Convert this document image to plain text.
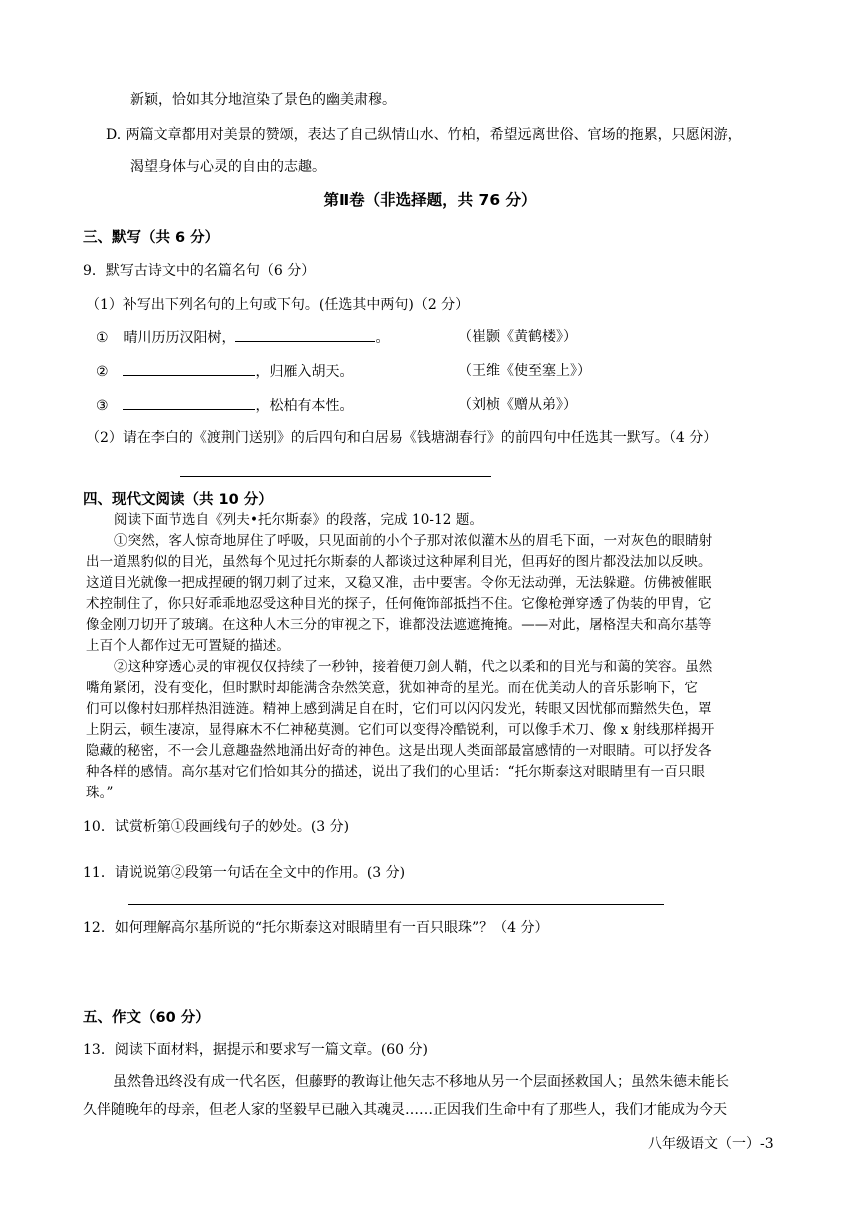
新颖，恰如其分地渲染了景色的幽美肃穆。
D. 两篇文章都用对美景的赞颂，表达了自己纵情山水、竹柏，希望远离世俗、官场的拖累，只愿闲游，
渴望身体与心灵的自由的志趣。
第Ⅱ卷（非选择题，共 76 分）
三、默写（共 6 分）
9．默写古诗文中的名篇名句（6 分）
（1）补写出下列名句的上句或下句。(任选其中两句)（2 分）
① 晴川历历汉阳树，	。	（崔颢《黄鹤楼》）
②	，归雁入胡天。	（王维《使至塞上》）
③	，松柏有本性。	（刘桢《赠从弟》）
（2）请在李白的《渡荆门送别》的后四句和白居易《钱塘湖春行》的前四句中任选其一默写。（4 分）
四、现代文阅读（共 10 分）
阅读下面节选自《列夫•托尔斯泰》的段落，完成 10-12 题。
①突然，客人惊奇地屏住了呼吸，只见面前的小个子那对浓似灌木丛的眉毛下面，一对灰色的眼睛射
出一道黑豹似的目光，虽然每个见过托尔斯泰的人都谈过这种犀利目光，但再好的图片都没法加以反映。
这道目光就像一把成捏硬的钢刀刺了过来，又稳又准，击中要害。令你无法动弹，无法躲避。仿佛被催眠
术控制住了，你只好乖乖地忍受这种目光的探子，任何俺饰部抵挡不住。它像枪弹穿透了伪装的甲胄，它
像金刚刀切开了玻璃。在这种人木三分的审视之下，谁都没法遮遮掩掩。——对此，屠格涅夫和高尔基等
上百个人都作过无可置疑的描述。
②这种穿透心灵的审视仅仅持续了一秒钟，接着便刀剑人鞘，代之以柔和的目光与和蔼的笑容。虽然
嘴角紧闭，没有变化，但时默时却能满含杂然笑意，犹如神奇的星光。而在优美动人的音乐影响下，它
们可以像村妇那样热泪涟涟。精神上感到满足自在时，它们可以闪闪发光，转眼又因忧郁而黯然失色，罩
上阴云，顿生凄凉，显得麻木不仁神秘莫测。它们可以变得冷酷锐利，可以像手术刀、像 x 射线那样揭开
隐藏的秘密，不一会儿意趣盎然地涌出好奇的神色。这是出现人类面部最富感情的一对眼睛。可以抒发各
种各样的感情。高尔基对它们恰如其分的描述，说出了我们的心里话：“托尔斯泰这对眼睛里有一百只眼
珠。”
10．试赏析第①段画线句子的妙处。(3 分)
11．请说说第②段第一句话在全文中的作用。(3 分)
12．如何理解高尔基所说的“托尔斯泰这对眼睛里有一百只眼珠”？（4 分）
五、作文（60 分）
13．阅读下面材料，据提示和要求写一篇文章。(60 分)
虽然鲁迅终没有成一代名医，但藤野的教诲让他矢志不移地从另一个层面拯救国人；虽然朱德未能长
久伴随晚年的母亲，但老人家的坚毅早已融入其魂灵……正因我们生命中有了那些人，我们才能成为今天
八年级语文（一）-3
